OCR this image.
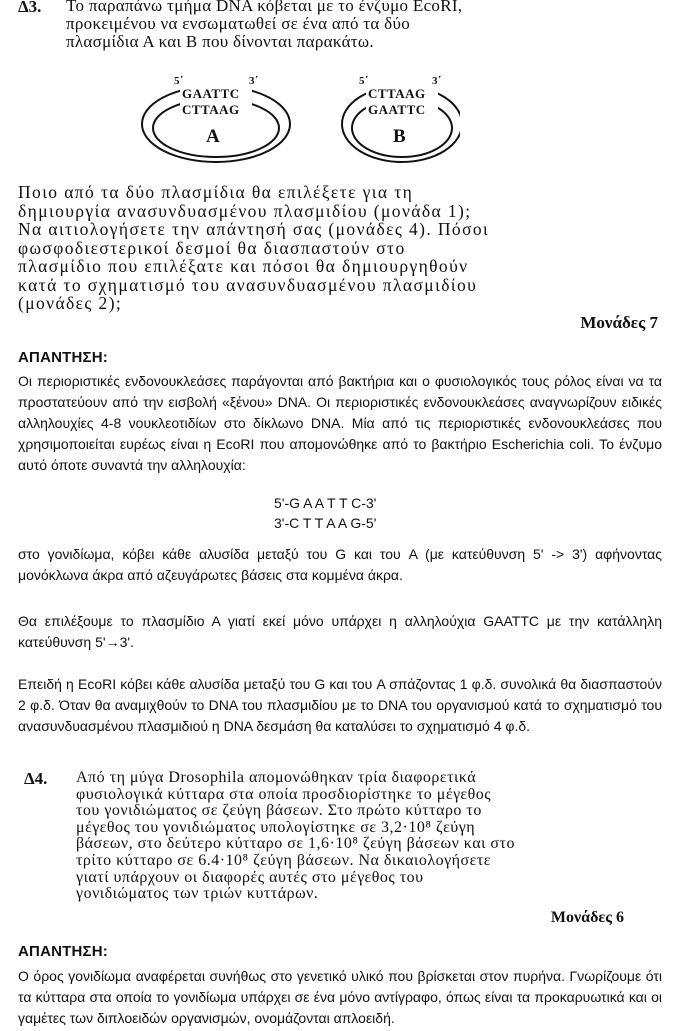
Δ3. Το παραπάνω τμήμα DNA κόβεται με το ένζυμο EcoRI,
προκειμένου να ενσωματωθεί σε ένα από τα δύο
πλασμίδια Α και Β που δίνονται παρακάτω.
5΄	3΄
GAATTC
CTTAAG
A
5΄	3΄
CTTAAG
GAATTC
B
Ποιο από τα δύο πλασμίδια θα επιλέξετε για τη
δημιουργία ανασυνδυασμένου πλασμιδίου (μονάδα 1);
Να αιτιολογήσετε την απάντησή σας (μονάδες 4). Πόσοι
φωσφοδιεστερικοί δεσμοί θα διασπαστούν στο
πλασμίδιο που επιλέξατε και πόσοι θα δημιουργηθούν
κατά το σχηματισμό του ανασυνδυασμένου πλασμιδίου
(μονάδες 2);
Μονάδες 7
ΑΠΑΝΤΗΣΗ:

Οι περιοριστικές ενδονουκλεάσες παράγονται από βακτήρια και ο φυσιολογικός τους ρόλος είναι να τα προστατεύουν από την εισβολή «ξένου» DNA. Οι περιοριστικές ενδονουκλεάσες αναγνωρίζουν ειδικές αλληλουχίες 4-8 νουκλεοτιδίων στο δίκλωνο DNA. Μία από τις περιοριστικές ενδονουκλεάσες που χρησιμοποιείται ευρέως είναι η EcoRI που απομονώθηκε από το βακτήριο Escherichia coli. Το ένζυμο αυτό όποτε συναντά την αλληλουχία:

5'-G A A T T C-3'
3'-C T T A A G-5'
στο γονιδίωμα, κόβει κάθε αλυσίδα μεταξύ του G και του A (με κατεύθυνση 5' -> 3') αφήνοντας μονόκλωνα άκρα από αζευγάρωτες βάσεις στα κομμένα άκρα.
Θα επιλέξουμε το πλασμίδιο Α γιατί εκεί μόνο υπάρχει η αλληλούχια GAATTC με την κατάλληλη κατεύθυνση 5'→3'.
Επειδή η EcoRI κόβει κάθε αλυσίδα μεταξύ του G και του A σπάζοντας 1 φ.δ. συνολικά θα διασπαστούν 2 φ.δ. Όταν θα αναμιχθούν το DNA του πλασμιδίου με το DNA του οργανισμού κατά το σχηματισμό του ανασυνδυασμένου πλασμιδιού η DNA δεσμάση θα καταλύσει το σχηματισμό 4 φ.δ.
Δ4. Από τη μύγα Drosophila απομονώθηκαν τρία διαφορετικά
φυσιολογικά κύτταρα στα οποία προσδιορίστηκε το μέγεθος
του γονιδιώματος σε ζεύγη βάσεων. Στο πρώτο κύτταρο το
μέγεθος του γονιδιώματος υπολογίστηκε σε 3,2·10⁸ ζεύγη
βάσεων, στο δεύτερο κύτταρο σε 1,6·10⁸ ζεύγη βάσεων και στο
τρίτο κύτταρο σε 6.4·10⁸ ζεύγη βάσεων. Να δικαιολογήσετε
γιατί υπάρχουν οι διαφορές αυτές στο μέγεθος του
γονιδιώματος των τριών κυττάρων.
Μονάδες 6
ΑΠΑΝΤΗΣΗ:
Ο όρος γονιδίωμα αναφέρεται συνήθως στο γενετικό υλικό που βρίσκεται στον πυρήνα. Γνωρίζουμε ότι τα κύτταρα στα οποία το γονιδίωμα υπάρχει σε ένα μόνο αντίγραφο, όπως είναι τα προκαρυωτικά και οι γαμέτες των διπλοειδών οργανισμών, ονομάζονται απλοειδή.
